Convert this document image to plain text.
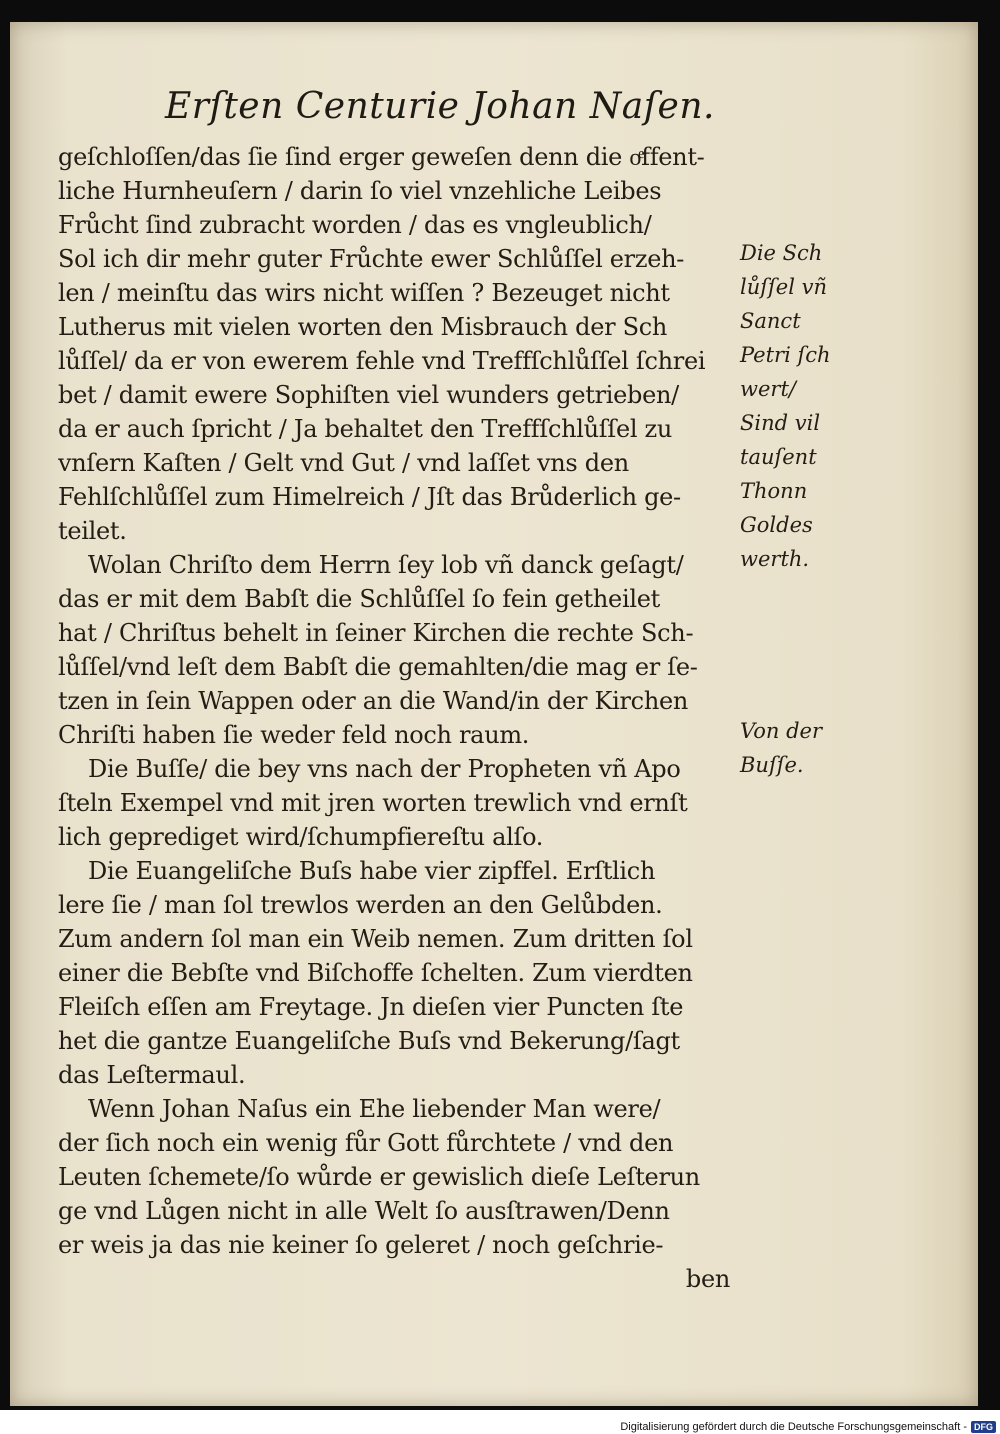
Erſten Centurie Johan Naſen.
geſchloſſen/das ſie ſind erger geweſen denn die oͤffent-
liche Hurnheuſern / darin ſo viel vnzehliche Leibes
Frůcht ſind zubracht worden / das es vngleublich/
Sol ich dir mehr guter Frůchte ewer Schlůſſel erzeh-
len / meinſtu das wirs nicht wiſſen ? Bezeuget nicht
Lutherus mit vielen worten den Misbrauch der Sch
lůſſel/ da er von ewerem fehle vnd Treffſchlůſſel ſchrei
bet / damit ewere Sophiſten viel wunders getrieben/
da er auch ſpricht / Ja behaltet den Treffſchlůſſel zu
vnſern Kaſten / Gelt vnd Gut / vnd laſſet vns den
Fehlſchlůſſel zum Himelreich / Jſt das Brůderlich ge-
teilet.
Wolan Chriſto dem Herrn ſey lob vñ danck geſagt/
das er mit dem Babſt die Schlůſſel ſo fein getheilet
hat / Chriſtus behelt in ſeiner Kirchen die rechte Sch-
lůſſel/vnd leſt dem Babſt die gemahlten/die mag er ſe-
tzen in ſein Wappen oder an die Wand/in der Kirchen
Chriſti haben ſie weder feld noch raum.
Die Buſſe/ die bey vns nach der Propheten vñ Apo
ſteln Exempel vnd mit jren worten trewlich vnd ernſt
lich geprediget wird/ſchumpfiereſtu alſo.
Die Euangeliſche Buſs habe vier zipffel. Erſtlich
lere ſie / man ſol trewlos werden an den Gelůbden.
Zum andern ſol man ein Weib nemen. Zum dritten ſol
einer die Bebſte vnd Biſchoffe ſchelten. Zum vierdten
Fleiſch eſſen am Freytage. Jn dieſen vier Puncten ſte
het die gantze Euangeliſche Buſs vnd Bekerung/ſagt
das Leſtermaul.
Wenn Johan Naſus ein Ehe liebender Man were/
der ſich noch ein wenig fůr Gott fůrchtete / vnd den
Leuten ſchemete/ſo wůrde er gewislich dieſe Leſterun
ge vnd Lůgen nicht in alle Welt ſo ausſtrawen/Denn
er weis ja das nie keiner ſo geleret / noch geſchrie-
ben
Die Sch
lůſſel vñ
Sanct
Petri ſch
wert/
Sind vil
tauſent
Thonn
Goldes
werth.
Von der
Buſſe.
Digitalisierung gefördert durch die Deutsche Forschungsgemeinschaft - DFG
